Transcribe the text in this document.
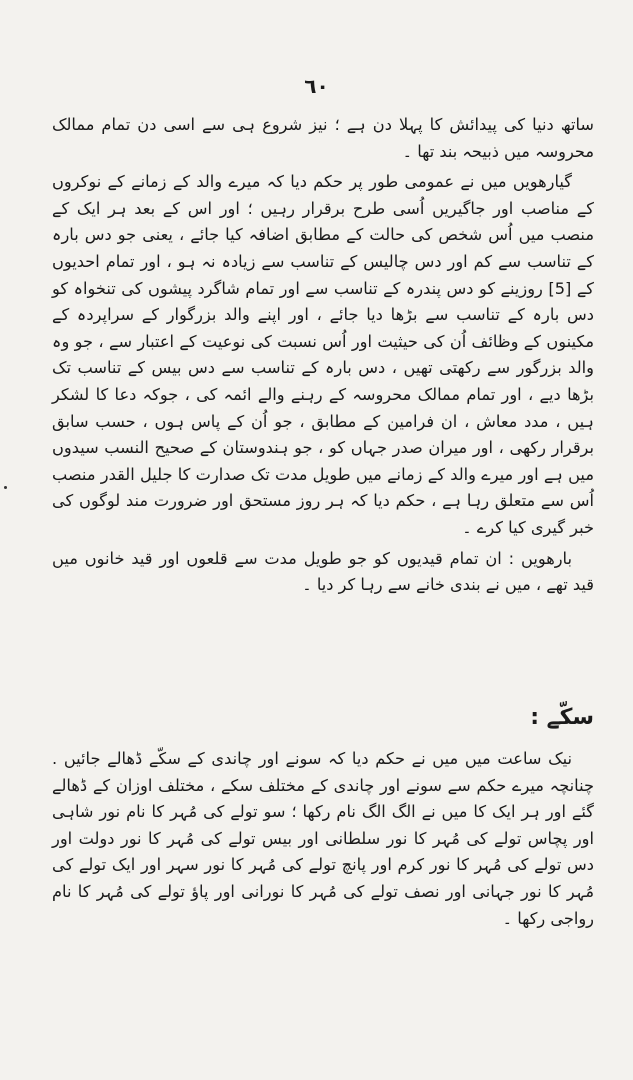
٦٠

ساتھ دنیا کی پیدائش کا پہلا دن ہے ؛ نیز شروع ہی سے اسی دن تمام ممالک محروسہ میں ذبیحہ بند تھا ۔

گیارھویں میں نے عمومی طور پر حکم دیا کہ میرے والد کے زمانے کے نوکروں کے مناصب اور جاگیریں اُسی طرح برقرار رہیں ؛ اور اس کے بعد ہر ایک کے منصب میں اُس شخص کی حالت کے مطابق اضافہ کیا جائے ، یعنی جو دس بارہ کے تناسب سے کم اور دس چالیس کے تناسب سے زیادہ نہ ہو ، اور تمام احدیوں کے [5] روزینے کو دس پندرہ کے تناسب سے اور تمام شاگرد پیشوں کی تنخواہ کو دس بارہ کے تناسب سے بڑھا دیا جائے ، اور اپنے والد بزرگوار کے سراپردہ کے مکینوں کے وظائف اُن کی حیثیت اور اُس نسبت کی نوعیت کے اعتبار سے ، جو وہ والد بزرگور سے رکھتی تھیں ، دس بارہ کے تناسب سے دس بیس کے تناسب تک بڑھا دیے ، اور تمام ممالک محروسہ کے رہنے والے ائمہ کی ، جوکہ دعا کا لشکر ہیں ، مدد معاش ، ان فرامین کے مطابق ، جو اُن کے پاس ہوں ، حسب سابق برقرار رکھی ، اور میران صدر جہاں کو ، جو ہندوستان کے صحیح النسب سیدوں میں ہے اور میرے والد کے زمانے میں طویل مدت تک صدارت کا جلیل القدر منصب اُس سے متعلق رہا ہے ، حکم دیا کہ ہر روز مستحق اور ضرورت مند لوگوں کی خبر گیری کیا کرے ۔

بارھویں : ان تمام قیدیوں کو جو طویل مدت سے قلعوں اور قید خانوں میں قید تھے ، میں نے بندی خانے سے رہا کر دیا ۔

سکّے :

نیک ساعت میں میں نے حکم دیا کہ سونے اور چاندی کے سکّے ڈھالے جائیں . چنانچہ میرے حکم سے سونے اور چاندی کے مختلف سکے ، مختلف اوزان کے ڈھالے گئے اور ہر ایک کا میں نے الگ الگ نام رکھا ؛ سو تولے کی مُہر کا نام نور شاہی اور پچاس تولے کی مُہر کا نور سلطانی اور بیس تولے کی مُہر کا نور دولت اور دس تولے کی مُہر کا نور کرم اور پانچ تولے کی مُہر کا نور سہر اور ایک تولے کی مُہر کا نور جہانی اور نصف تولے کی مُہر کا نورانی اور پاؤ تولے کی مُہر کا نام رواجی رکھا ۔
